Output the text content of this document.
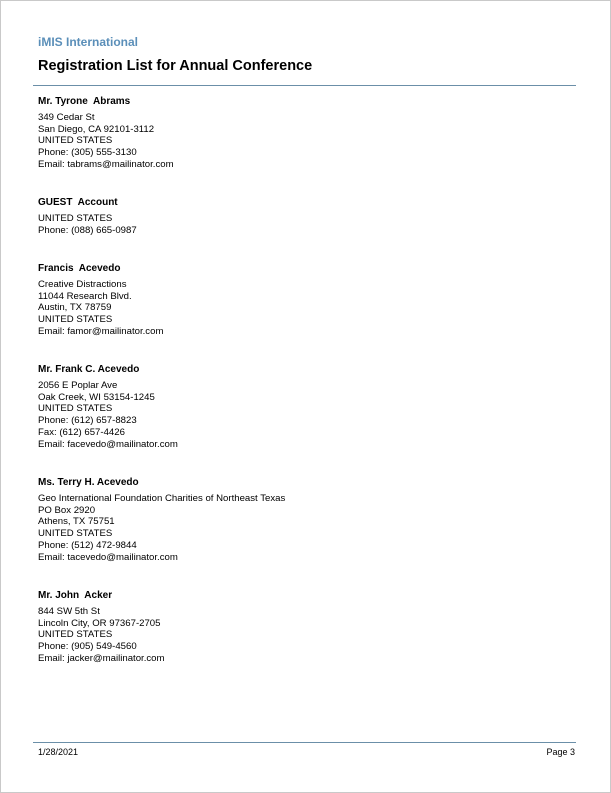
iMIS International
Registration List for Annual Conference
Mr. Tyrone  Abrams
349 Cedar St
San Diego, CA 92101-3112
UNITED STATES
Phone: (305) 555-3130
Email: tabrams@mailinator.com
GUEST  Account
UNITED STATES
Phone: (088) 665-0987
Francis  Acevedo
Creative Distractions
11044 Research Blvd.
Austin, TX 78759
UNITED STATES
Email: famor@mailinator.com
Mr. Frank C. Acevedo
2056 E Poplar Ave
Oak Creek, WI 53154-1245
UNITED STATES
Phone: (612) 657-8823
Fax: (612) 657-4426
Email: facevedo@mailinator.com
Ms. Terry H. Acevedo
Geo International Foundation Charities of Northeast Texas
PO Box 2920
Athens, TX 75751
UNITED STATES
Phone: (512) 472-9844
Email: tacevedo@mailinator.com
Mr. John  Acker
844 SW 5th St
Lincoln City, OR 97367-2705
UNITED STATES
Phone: (905) 549-4560
Email: jacker@mailinator.com
1/28/2021	Page 3
